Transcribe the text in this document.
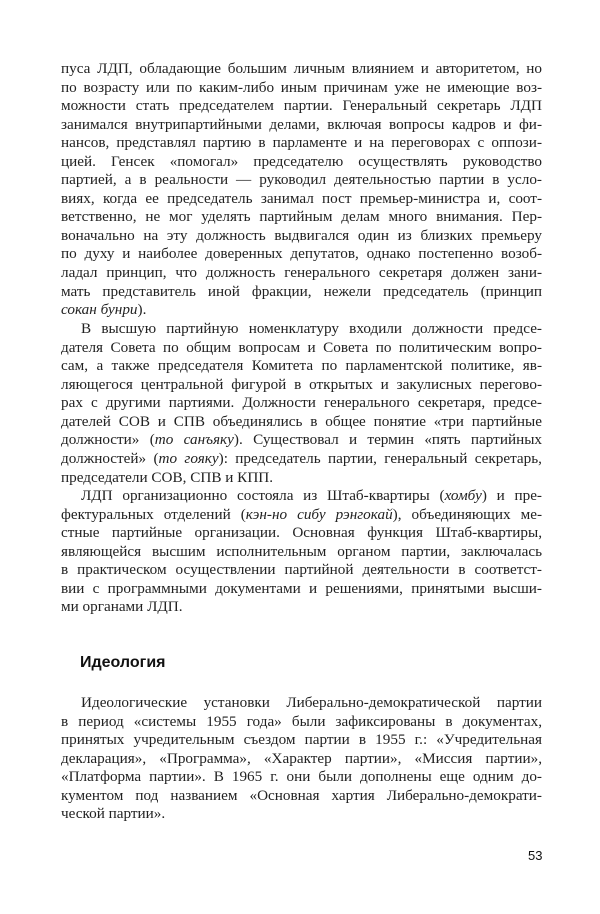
пуса ЛДП, обладающие большим личным влиянием и авторитетом, но
по возрасту или по каким-либо иным причинам уже не имеющие воз-
можности стать председателем партии. Генеральный секретарь ЛДП
занимался внутрипартийными делами, включая вопросы кадров и фи-
нансов, представлял партию в парламенте и на переговорах с оппози-
цией. Генсек «помогал» председателю осуществлять руководство
партией, а в реальности — руководил деятельностью партии в усло-
виях, когда ее председатель занимал пост премьер-министра и, соот-
ветственно, не мог уделять партийным делам много внимания. Пер-
воначально на эту должность выдвигался один из близких премьеру
по духу и наиболее доверенных депутатов, однако постепенно возоб-
ладал принцип, что должность генерального секретаря должен зани-
мать представитель иной фракции, нежели председатель (принцип
сокан бунри).
В высшую партийную номенклатуру входили должности предсе-
дателя Совета по общим вопросам и Совета по политическим вопро-
сам, а также председателя Комитета по парламентской политике, яв-
ляющегося центральной фигурой в открытых и закулисных перегово-
рах с другими партиями. Должности генерального секретаря, предсе-
дателей СОВ и СПВ объединялись в общее понятие «три партийные
должности» (то санъяку). Существовал и термин «пять партийных
должностей» (то гояку): председатель партии, генеральный секретарь,
председатели СОВ, СПВ и КПП.
ЛДП организационно состояла из Штаб-квартиры (хомбу) и пре-
фектуральных отделений (кэн-но сибу рэнгокай), объединяющих ме-
стные партийные организации. Основная функция Штаб-квартиры,
являющейся высшим исполнительным органом партии, заключалась
в практическом осуществлении партийной деятельности в соответст-
вии с программными документами и решениями, принятыми высши-
ми органами ЛДП.
Идеология
Идеологические установки Либерально-демократической партии
в период «системы 1955 года» были зафиксированы в документах,
принятых учредительным съездом партии в 1955 г.: «Учредительная
декларация», «Программа», «Характер партии», «Миссия партии»,
«Платформа партии». В 1965 г. они были дополнены еще одним до-
кументом под названием «Основная хартия Либерально-демократи-
ческой партии».
53
